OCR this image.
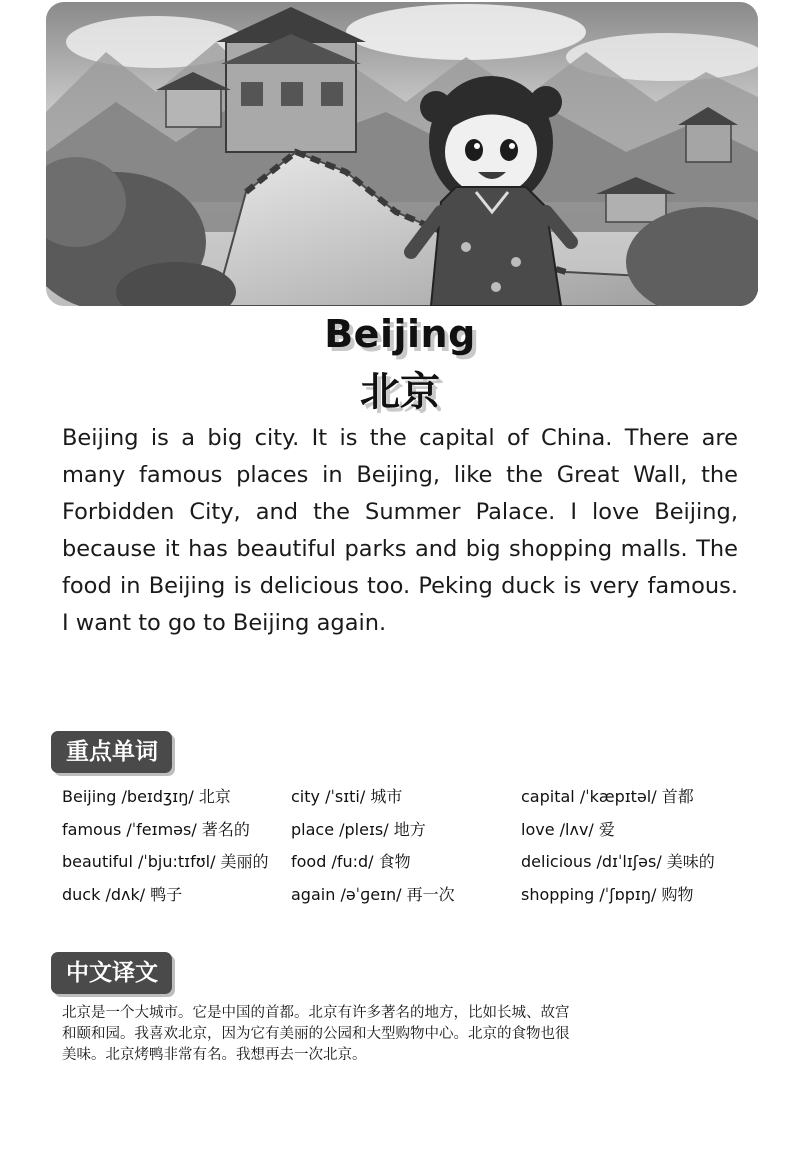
Beijing
北京
Beijing is a big city. It is the capital of China. There are many famous places in Beijing, like the Great Wall, the Forbidden City, and the Summer Palace. I love Beijing, because it has beautiful parks and big shopping malls. The food in Beijing is delicious too. Peking duck is very famous. I want to go to Beijing again.
重点单词
Beijing /beɪdʒɪŋ/ 北京	city /ˈsɪti/ 城市	capital /ˈkæpɪtəl/ 首都
famous /ˈfeɪməs/ 著名的	place /pleɪs/ 地方	love /lʌv/ 爱
beautiful /ˈbju:tɪfʊl/ 美丽的 food /fu:d/ 食物	delicious /dɪˈlɪʃəs/ 美味的
duck /dʌk/ 鸭子	again /əˈɡeɪn/ 再一次	shopping /ˈʃɒpɪŋ/ 购物
中文译文
北京是一个大城市。它是中国的首都。北京有许多著名的地方，比如长城、故宫
和颐和园。我喜欢北京，因为它有美丽的公园和大型购物中心。北京的食物也很
美味。北京烤鸭非常有名。我想再去一次北京。
